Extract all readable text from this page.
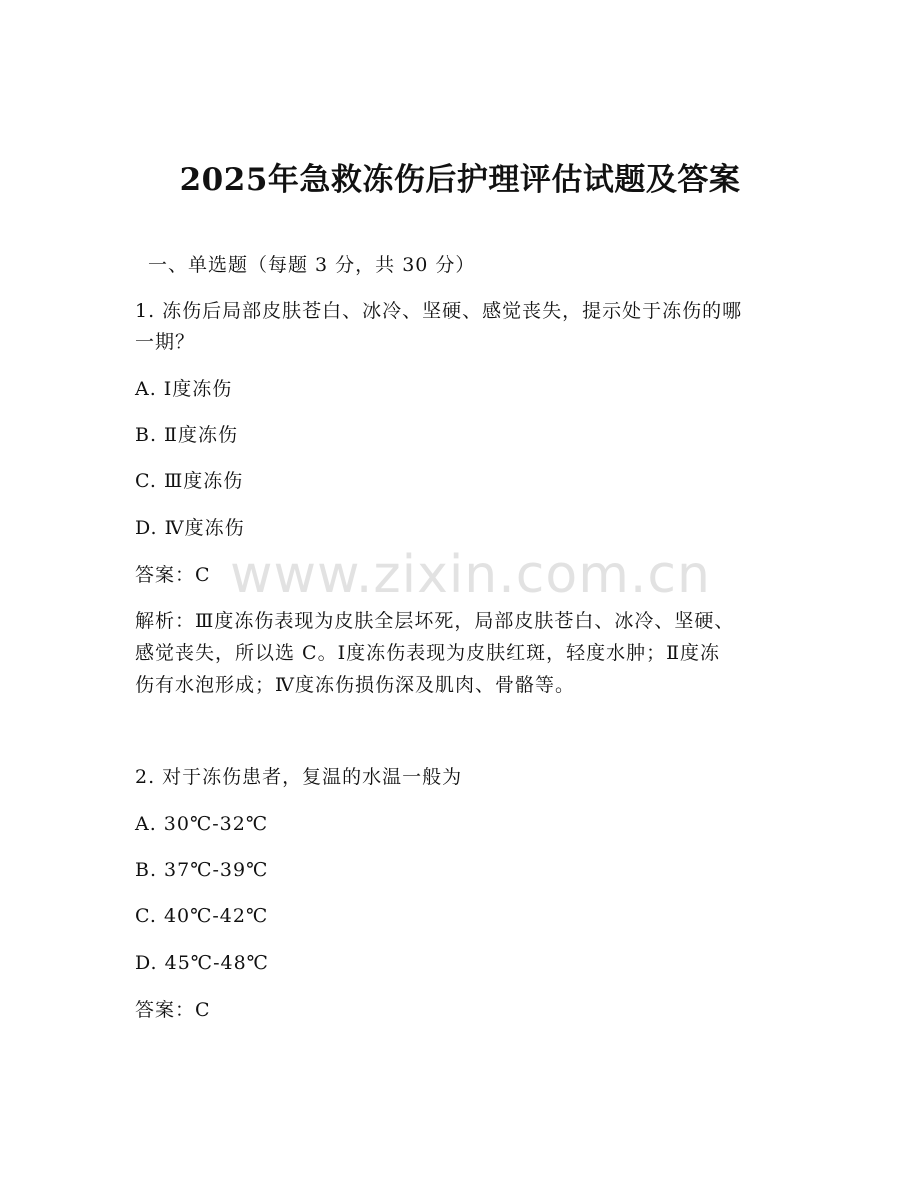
2025年急救冻伤后护理评估试题及答案
一、单选题（每题 3 分，共 30 分）
1. 冻伤后局部皮肤苍白、冰冷、坚硬、感觉丧失，提示处于冻伤的哪
一期？
A. Ⅰ度冻伤
B. Ⅱ度冻伤
C. Ⅲ度冻伤
D. Ⅳ度冻伤
答案：C
解析：Ⅲ度冻伤表现为皮肤全层坏死，局部皮肤苍白、冰冷、坚硬、
感觉丧失，所以选 C。Ⅰ度冻伤表现为皮肤红斑，轻度水肿；Ⅱ度冻
伤有水泡形成；Ⅳ度冻伤损伤深及肌肉、骨骼等。
2. 对于冻伤患者，复温的水温一般为
A. 30℃-32℃
B. 37℃-39℃
C. 40℃-42℃
D. 45℃-48℃
答案：C
www.zixin.com.cn
